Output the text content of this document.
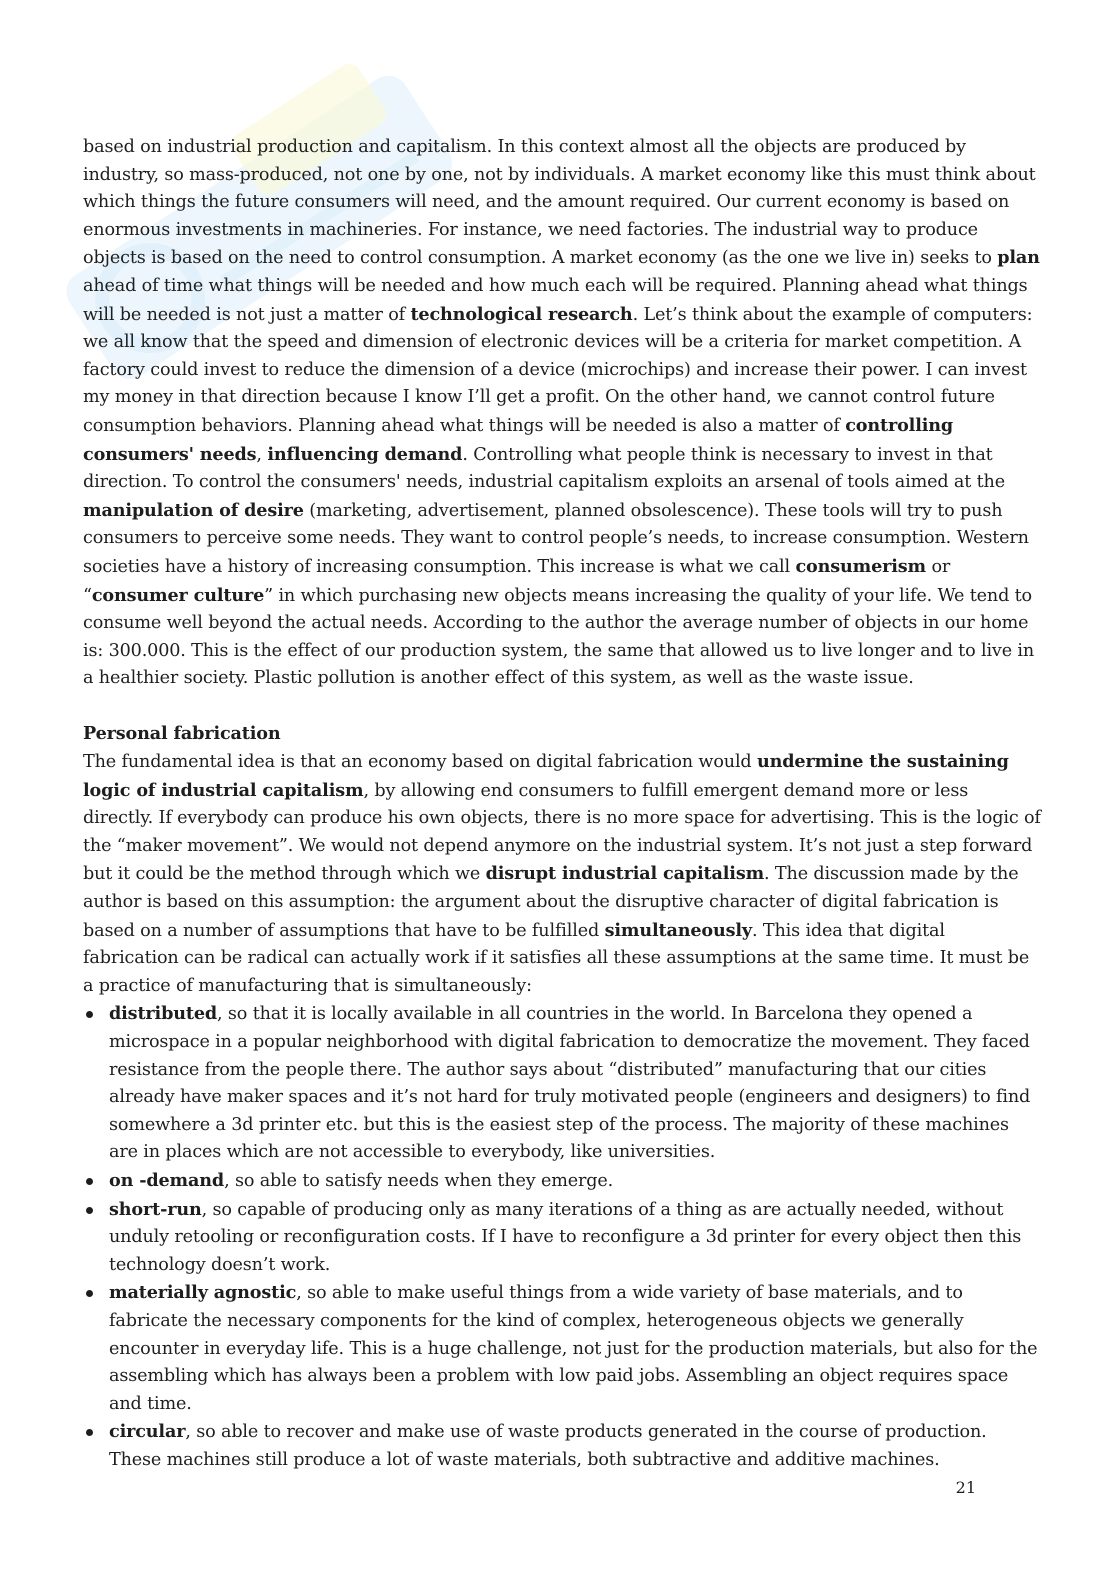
based on industrial production and capitalism. In this context almost all the objects are produced by industry, so mass-produced, not one by one, not by individuals. A market economy like this must think about which things the future consumers will need, and the amount required. Our current economy is based on enormous investments in machineries. For instance, we need factories. The industrial way to produce objects is based on the need to control consumption. A market economy (as the one we live in) seeks to plan ahead of time what things will be needed and how much each will be required. Planning ahead what things will be needed is not just a matter of technological research. Let’s think about the example of computers: we all know that the speed and dimension of electronic devices will be a criteria for market competition. A factory could invest to reduce the dimension of a device (microchips) and increase their power. I can invest my money in that direction because I know I’ll get a profit. On the other hand, we cannot control future consumption behaviors. Planning ahead what things will be needed is also a matter of controlling consumers' needs, influencing demand. Controlling what people think is necessary to invest in that direction. To control the consumers' needs, industrial capitalism exploits an arsenal of tools aimed at the manipulation of desire (marketing, advertisement, planned obsolescence). These tools will try to push consumers to perceive some needs. They want to control people’s needs, to increase consumption. Western societies have a history of increasing consumption. This increase is what we call consumerism or “consumer culture” in which purchasing new objects means increasing the quality of your life. We tend to consume well beyond the actual needs. According to the author the average number of objects in our home is: 300.000. This is the effect of our production system, the same that allowed us to live longer and to live in a healthier society. Plastic pollution is another effect of this system, as well as the waste issue.

Personal fabrication

The fundamental idea is that an economy based on digital fabrication would undermine the sustaining logic of industrial capitalism, by allowing end consumers to fulfill emergent demand more or less directly. If everybody can produce his own objects, there is no more space for advertising. This is the logic of the “maker movement”. We would not depend anymore on the industrial system. It’s not just a step forward but it could be the method through which we disrupt industrial capitalism. The discussion made by the author is based on this assumption: the argument about the disruptive character of digital fabrication is based on a number of assumptions that have to be fulfilled simultaneously. This idea that digital fabrication can be radical can actually work if it satisfies all these assumptions at the same time. It must be a practice of manufacturing that is simultaneously:

distributed, so that it is locally available in all countries in the world. In Barcelona they opened a microspace in a popular neighborhood with digital fabrication to democratize the movement. They faced resistance from the people there. The author says about “distributed” manufacturing that our cities already have maker spaces and it’s not hard for truly motivated people (engineers and designers) to find somewhere a 3d printer etc. but this is the easiest step of the process. The majority of these machines are in places which are not accessible to everybody, like universities.
on -demand, so able to satisfy needs when they emerge.
short-run, so capable of producing only as many iterations of a thing as are actually needed, without unduly retooling or reconfiguration costs. If I have to reconfigure a 3d printer for every object then this technology doesn’t work.
materially agnostic, so able to make useful things from a wide variety of base materials, and to fabricate the necessary components for the kind of complex, heterogeneous objects we generally encounter in everyday life. This is a huge challenge, not just for the production materials, but also for the assembling which has always been a problem with low paid jobs. Assembling an object requires space and time.
circular, so able to recover and make use of waste products generated in the course of production. These machines still produce a lot of waste materials, both subtractive and additive machines.
21
